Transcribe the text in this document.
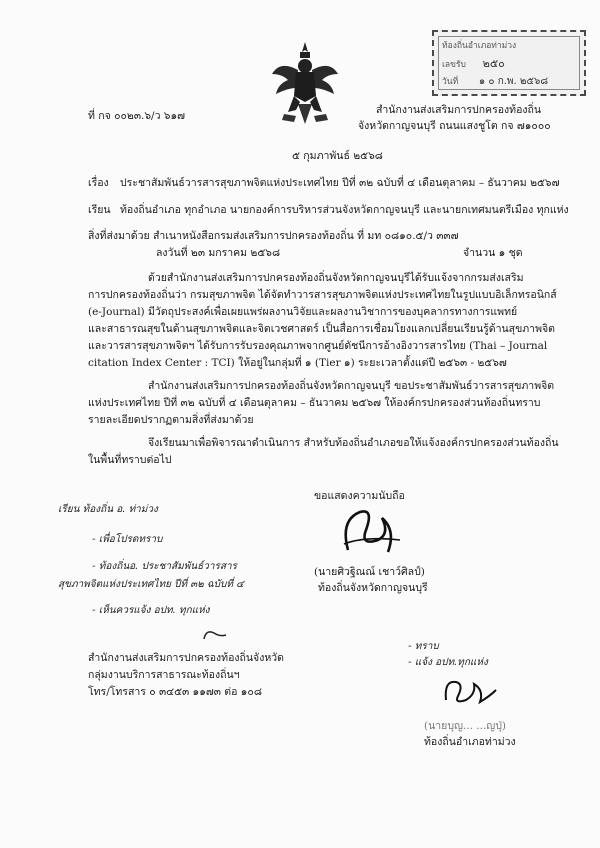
ท้องถิ่นอำเภอท่าม่วง
เลขรับ ๒๕๐
วันที่ ๑ ๐ ก.พ. ๒๕๖๘
ที่ กจ ๐๐๒๓.๖/ว ๖๑๗	สำนักงานส่งเสริมการปกครองท้องถิ่น
จังหวัดกาญจนบุรี ถนนแสงชูโต กจ ๗๑๐๐๐
๕ กุมภาพันธ์ ๒๕๖๘
เรื่อง ประชาสัมพันธ์วารสารสุขภาพจิตแห่งประเทศไทย ปีที่ ๓๒ ฉบับที่ ๔ เดือนตุลาคม – ธันวาคม ๒๕๖๗
เรียน ท้องถิ่นอำเภอ ทุกอำเภอ นายกองค์การบริหารส่วนจังหวัดกาญจนบุรี และนายกเทศมนตรีเมือง ทุกแห่ง
สิ่งที่ส่งมาด้วย สำเนาหนังสือกรมส่งเสริมการปกครองท้องถิ่น ที่ มท ๐๘๑๐.๕/ว ๓๓๗
ลงวันที่ ๒๓ มกราคม ๒๕๖๘	จำนวน ๑ ชุด
ด้วยสำนักงานส่งเสริมการปกครองท้องถิ่นจังหวัดกาญจนบุรีได้รับแจ้งจากกรมส่งเสริม
การปกครองท้องถิ่นว่า กรมสุขภาพจิต ได้จัดทำวารสารสุขภาพจิตแห่งประเทศไทยในรูปแบบอิเล็กทรอนิกส์
(e-Journal) มีวัตถุประสงค์เพื่อเผยแพร่ผลงานวิจัยและผลงานวิชาการของบุคลากรทางการแพทย์
และสาธารณสุขในด้านสุขภาพจิตและจิตเวชศาสตร์ เป็นสื่อการเชื่อมโยงแลกเปลี่ยนเรียนรู้ด้านสุขภาพจิต
และวารสารสุขภาพจิตฯ ได้รับการรับรองคุณภาพจากศูนย์ดัชนีการอ้างอิงวารสารไทย (Thai – Journal
citation Index Center : TCI) ให้อยู่ในกลุ่มที่ ๑ (Tier ๑) ระยะเวลาตั้งแต่ปี ๒๕๖๓ - ๒๕๖๗
สำนักงานส่งเสริมการปกครองท้องถิ่นจังหวัดกาญจนบุรี ขอประชาสัมพันธ์วารสารสุขภาพจิต
แห่งประเทศไทย ปีที่ ๓๒ ฉบับที่ ๔ เดือนตุลาคม – ธันวาคม ๒๕๖๗ ให้องค์กรปกครองส่วนท้องถิ่นทราบ
รายละเอียดปรากฏตามสิ่งที่ส่งมาด้วย
จึงเรียนมาเพื่อพิจารณาดำเนินการ สำหรับท้องถิ่นอำเภอขอให้แจ้งองค์กรปกครองส่วนท้องถิ่น
ในพื้นที่ทราบต่อไป
ขอแสดงความนับถือ
(นายศิวฐิณณ์ เชาว์ศิลป์)
ท้องถิ่นจังหวัดกาญจนบุรี
เรียน ท้องถิ่น อ. ท่าม่วง
- เพื่อโปรดทราบ
- ท้องถิ่นอ. ประชาสัมพันธ์วารสาร
สุขภาพจิตแห่งประเทศไทย ปีที่ ๓๒ ฉบับที่ ๔
- เห็นควรแจ้ง อปท. ทุกแห่ง
สำนักงานส่งเสริมการปกครองท้องถิ่นจังหวัด
กลุ่มงานบริการสาธารณะท้องถิ่นฯ
โทร/โทรสาร ๐ ๓๔๕๓ ๑๑๗๓ ต่อ ๑๐๘
- ทราบ
- แจ้ง อปท.ทุกแห่ง
(นายบุญ... ...ญปุ่)
ท้องถิ่นอำเภอท่าม่วง
